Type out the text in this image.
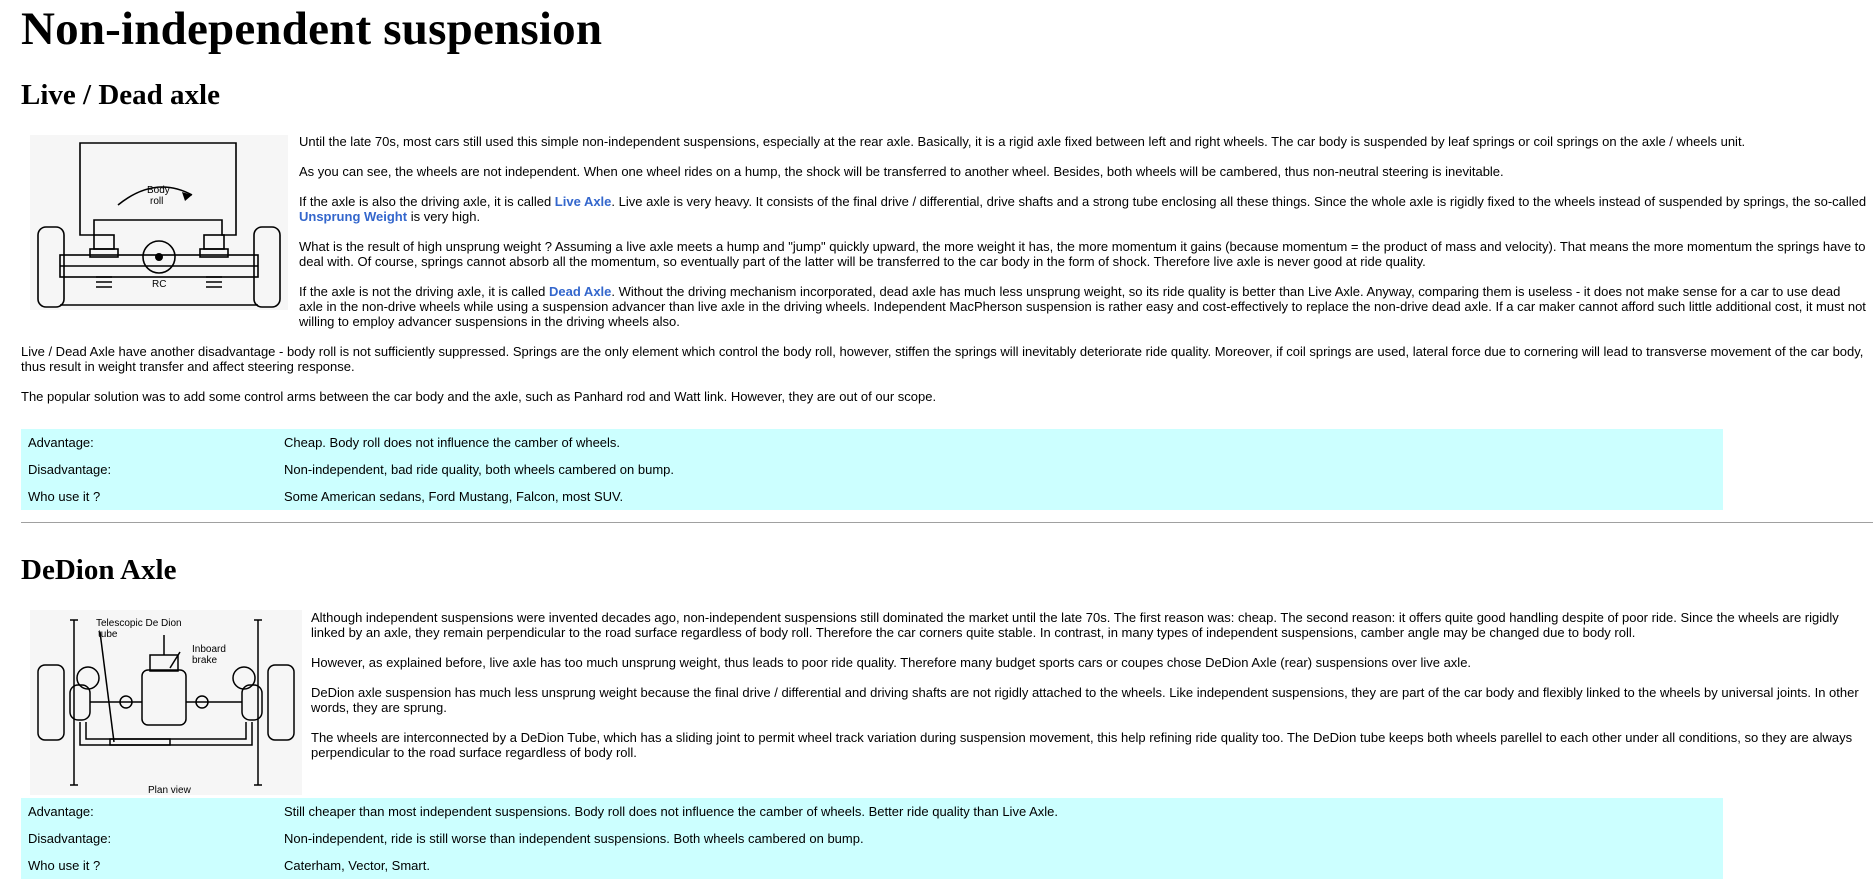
Non-independent suspension
Live / Dead axle
Body
roll
RC

Until the late 70s, most cars still used this simple non-independent suspensions, especially at the rear axle. Basically, it is a rigid axle fixed between left and right wheels. The car body is suspended by leaf springs or coil springs on the axle / wheels unit.

As you can see, the wheels are not independent. When one wheel rides on a hump, the shock will be transferred to another wheel. Besides, both wheels will be cambered, thus non-neutral steering is inevitable.

If the axle is also the driving axle, it is called Live Axle. Live axle is very heavy. It consists of the final drive / differential, drive shafts and a strong tube enclosing all these things. Since the whole axle is rigidly fixed to the wheels instead of suspended by springs, the so-called Unsprung Weight is very high.

What is the result of high unsprung weight ? Assuming a live axle meets a hump and "jump" quickly upward, the more weight it has, the more momentum it gains (because momentum = the product of mass and velocity). That means the more momentum the springs have to deal with. Of course, springs cannot absorb all the momentum, so eventually part of the latter will be transferred to the car body in the form of shock. Therefore live axle is never good at ride quality.

If the axle is not the driving axle, it is called Dead Axle. Without the driving mechanism incorporated, dead axle has much less unsprung weight, so its ride quality is better than Live Axle. Anyway, comparing them is useless - it does not make sense for a car to use dead axle in the non-drive wheels while using a suspension advancer than live axle in the driving wheels. Independent MacPherson suspension is rather easy and cost-effectively to replace the non-drive dead axle. If a car maker cannot afford such little additional cost, it must not willing to employ advancer suspensions in the driving wheels also.

Live / Dead Axle have another disadvantage - body roll is not sufficiently suppressed. Springs are the only element which control the body roll, however, stiffen the springs will inevitably deteriorate ride quality. Moreover, if coil springs are used, lateral force due to cornering will lead to transverse movement of the car body, thus result in weight transfer and affect steering response.

The popular solution was to add some control arms between the car body and the axle, such as Panhard rod and Watt link. However, they are out of our scope.

Advantage:	Cheap. Body roll does not influence the camber of wheels.
Disadvantage:	Non-independent, bad ride quality, both wheels cambered on bump.
Who use it ?	Some American sedans, Ford Mustang, Falcon, most SUV.
DeDion Axle
Telescopic De Dion
tube
Inboard
brake
Plan view

Although independent suspensions were invented decades ago, non-independent suspensions still dominated the market until the late 70s. The first reason was: cheap. The second reason: it offers quite good handling despite of poor ride. Since the wheels are rigidly linked by an axle, they remain perpendicular to the road surface regardless of body roll. Therefore the car corners quite stable. In contrast, in many types of independent suspensions, camber angle may be changed due to body roll.

However, as explained before, live axle has too much unsprung weight, thus leads to poor ride quality. Therefore many budget sports cars or coupes chose DeDion Axle (rear) suspensions over live axle.

DeDion axle suspension has much less unsprung weight because the final drive / differential and driving shafts are not rigidly attached to the wheels. Like independent suspensions, they are part of the car body and flexibly linked to the wheels by universal joints. In other words, they are sprung.

The wheels are interconnected by a DeDion Tube, which has a sliding joint to permit wheel track variation during suspension movement, this help refining ride quality too. The DeDion tube keeps both wheels parellel to each other under all conditions, so they are always perpendicular to the road surface regardless of body roll.

Advantage:	Still cheaper than most independent suspensions. Body roll does not influence the camber of wheels. Better ride quality than Live Axle.
Disadvantage:	Non-independent, ride is still worse than independent suspensions. Both wheels cambered on bump.
Who use it ?	Caterham, Vector, Smart.
